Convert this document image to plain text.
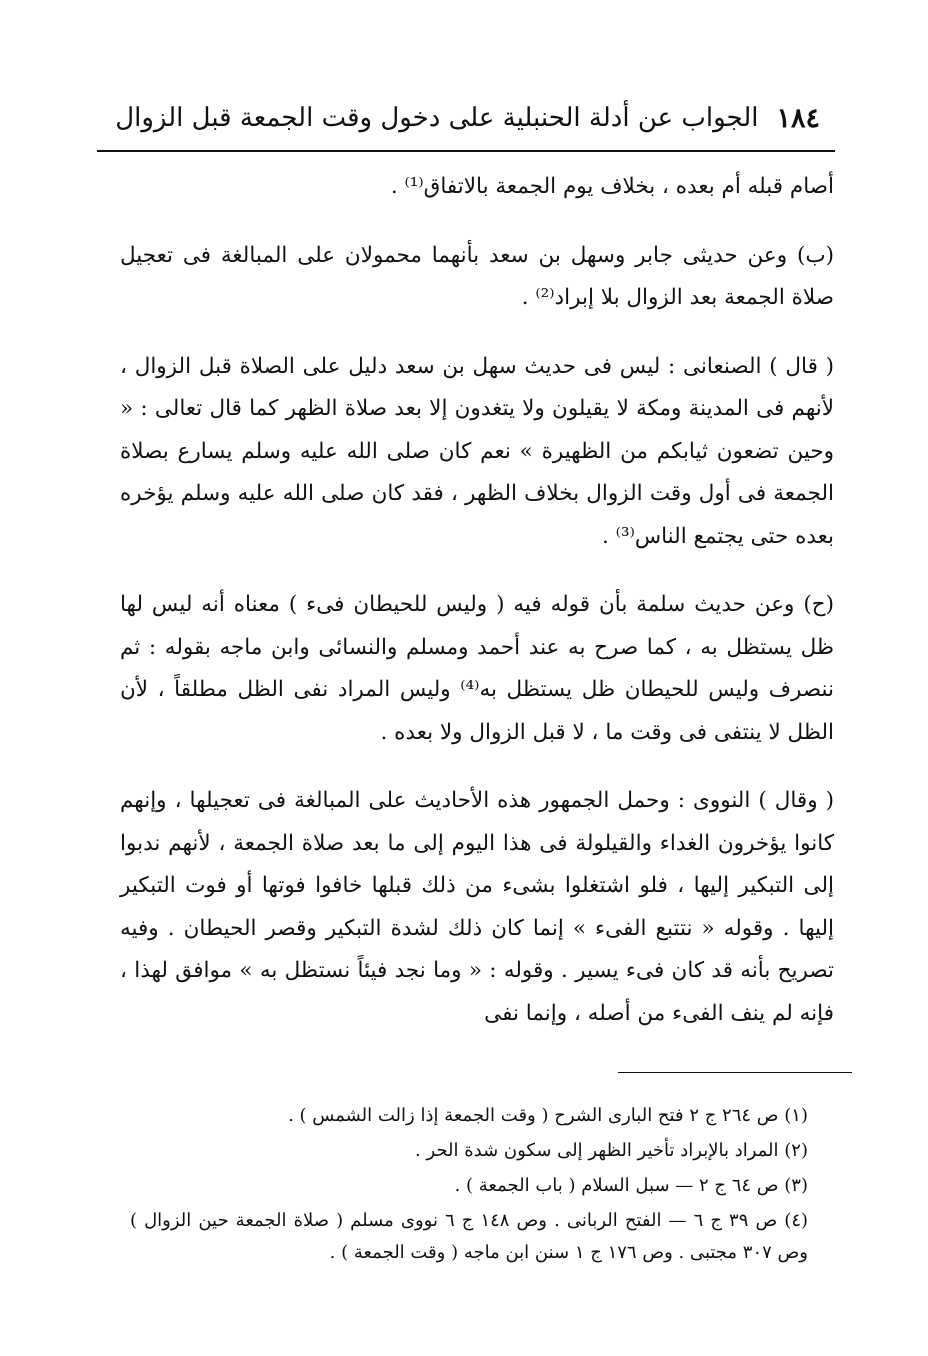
١٨٤
الجواب عن أدلة الحنبلية على دخول وقت الجمعة قبل الزوال

أصام قبله أم بعده ، بخلاف يوم الجمعة بالاتفاق⁽¹⁾ .

(ب) وعن حديثى جابر وسهل بن سعد بأنهما محمولان على المبالغة فى تعجيل صلاة الجمعة بعد الزوال بلا إبراد⁽²⁾ .

( قال ) الصنعانى : ليس فى حديث سهل بن سعد دليل على الصلاة قبل الزوال ، لأنهم فى المدينة ومكة لا يقيلون ولا يتغدون إلا بعد صلاة الظهر كما قال تعالى : « وحين تضعون ثيابكم من الظهيرة » نعم كان صلى الله عليه وسلم يسارع بصلاة الجمعة فى أول وقت الزوال بخلاف الظهر ، فقد كان صلى الله عليه وسلم يؤخره بعده حتى يجتمع الناس⁽³⁾ .

(ح) وعن حديث سلمة بأن قوله فيه ( وليس للحيطان فىء ) معناه أنه ليس لها ظل يستظل به ، كما صرح به عند أحمد ومسلم والنسائى وابن ماجه بقوله : ثم ننصرف وليس للحيطان ظل يستظل به⁽⁴⁾ وليس المراد نفى الظل مطلقاً ، لأن الظل لا ينتفى فى وقت ما ، لا قبل الزوال ولا بعده .

( وقال ) النووى : وحمل الجمهور هذه الأحاديث على المبالغة فى تعجيلها ، وإنهم كانوا يؤخرون الغداء والقيلولة فى هذا اليوم إلى ما بعد صلاة الجمعة ، لأنهم ندبوا إلى التبكير إليها ، فلو اشتغلوا بشىء من ذلك قبلها خافوا فوتها أو فوت التبكير إليها . وقوله « نتتبع الفىء » إنما كان ذلك لشدة التبكير وقصر الحيطان . وفيه تصريح بأنه قد كان فىء يسير . وقوله : « وما نجد فيئاً نستظل به » موافق لهذا ، فإنه لم ينف الفىء من أصله ، وإنما نفى

(١) ص ٢٦٤ ج ٢ فتح البارى الشرح ( وقت الجمعة إذا زالت الشمس ) .

(٢) المراد بالإبراد تأخير الظهر إلى سكون شدة الحر .

(٣) ص ٦٤ ج ٢ — سبل السلام ( باب الجمعة ) .

(٤) ص ٣٩ ج ٦ — الفتح الربانى . وص ١٤٨ ج ٦ نووى مسلم ( صلاة الجمعة حين الزوال ) وص ٣٠٧ مجتبى . وص ١٧٦ ج ١ سنن ابن ماجه ( وقت الجمعة ) .
